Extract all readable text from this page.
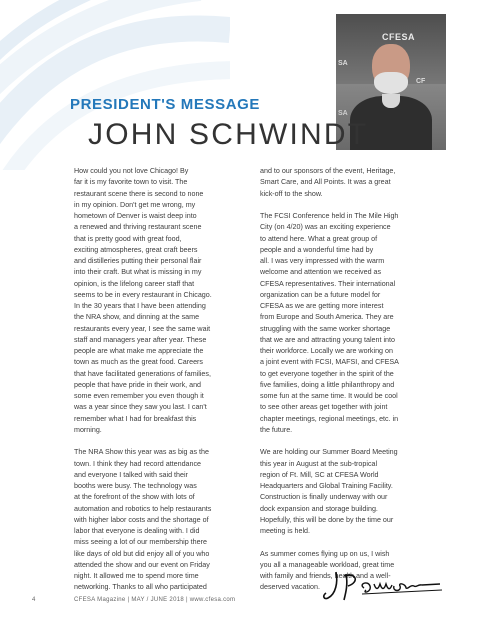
CFESA
SA
CF
SA
PRESIDENT'S MESSAGE
JOHN SCHWINDT

How could you not love Chicago! By
far it is my favorite town to visit. The
restaurant scene there is second to none
in my opinion. Don't get me wrong, my
hometown of Denver is waist deep into
a renewed and thriving restaurant scene
that is pretty good with great food,
exciting atmospheres, great craft beers
and distilleries putting their personal flair
into their craft. But what is missing in my
opinion, is the lifelong career staff that
seems to be in every restaurant in Chicago.
In the 30 years that I have been attending
the NRA show, and dinning at the same
restaurants every year, I see the same wait
staff and managers year after year. These
people are what make me appreciate the
town as much as the great food. Careers
that have facilitated generations of families,
people that have pride in their work, and
some even remember you even though it
was a year since they saw you last. I can't
remember what I had for breakfast this
morning.

The NRA Show this year was as big as the
town. I think they had record attendance
and everyone I talked with said their
booths were busy. The technology was
at the forefront of the show with lots of
automation and robotics to help restaurants
with higher labor costs and the shortage of
labor that everyone is dealing with. I did
miss seeing a lot of our membership there
like days of old but did enjoy all of you who
attended the show and our event on Friday
night. It allowed me to spend more time
networking. Thanks to all who participated

and to our sponsors of the event, Heritage,
Smart Care, and All Points. It was a great
kick-off to the show.

The FCSI Conference held in The Mile High
City (on 4/20) was an exciting experience
to attend here. What a great group of
people and a wonderful time had by
all. I was very impressed with the warm
welcome and attention we received as
CFESA representatives. Their international
organization can be a future model for
CFESA as we are getting more interest
from Europe and South America. They are
struggling with the same worker shortage
that we are and attracting young talent into
their workforce. Locally we are working on
a joint event with FCSI, MAFSI, and CFESA
to get everyone together in the spirit of the
five families, doing a little philanthropy and
some fun at the same time. It would be cool
to see other areas get together with joint
chapter meetings, regional meetings, etc. in
the future.

We are holding our Summer Board Meeting
this year in August at the sub-tropical
region of Ft. Mill, SC at CFESA World
Headquarters and Global Training Facility.
Construction is finally underway with our
dock expansion and storage building.
Hopefully, this will be done by the time our
meeting is held.

As summer comes flying up on us, I wish
you all a manageable workload, great time
with family and friends, health and a well-
deserved vacation.

4	CFESA Magazine | MAY / JUNE 2018 | www.cfesa.com
